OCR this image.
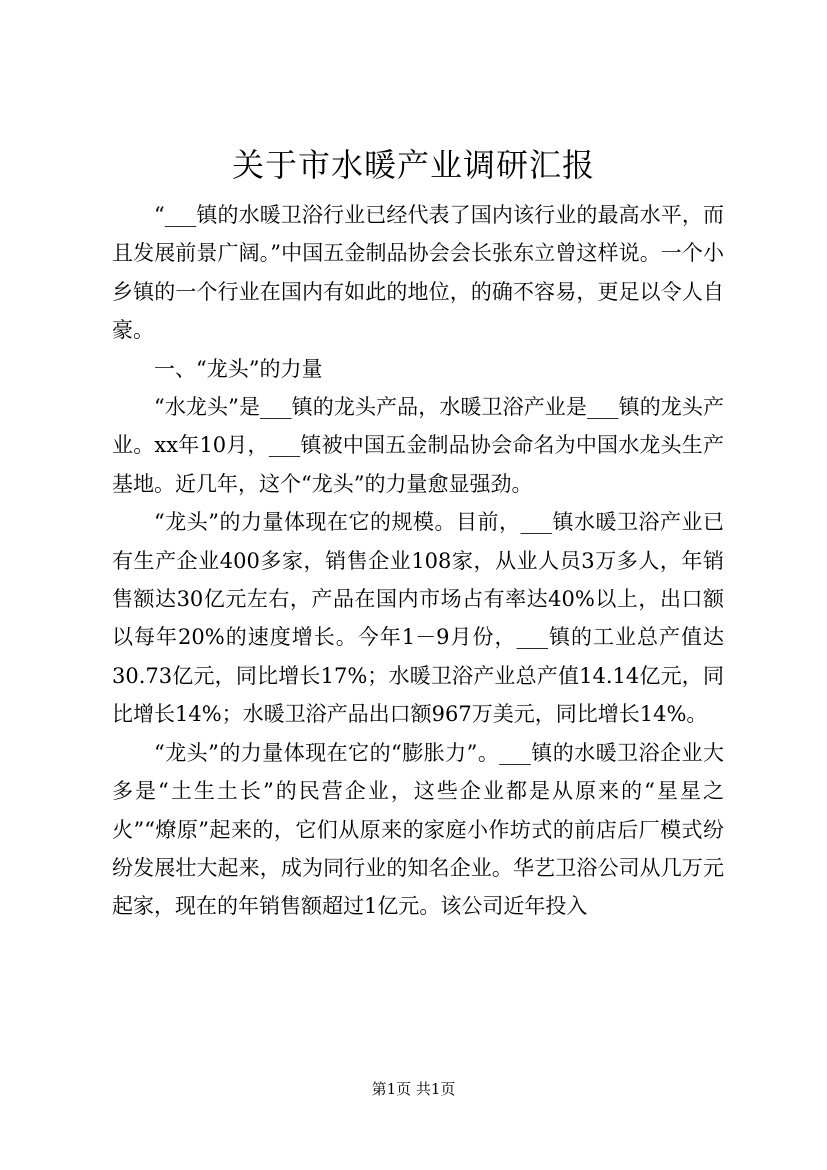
关于市水暖产业调研汇报

“___镇的水暖卫浴行业已经代表了国内该行业的最高水平，而且发展前景广阔。”中国五金制品协会会长张东立曾这样说。一个小乡镇的一个行业在国内有如此的地位，的确不容易，更足以令人自豪。

一、“龙头”的力量

“水龙头”是___镇的龙头产品，水暖卫浴产业是___镇的龙头产业。xx年10月，___镇被中国五金制品协会命名为中国水龙头生产基地。近几年，这个“龙头”的力量愈显强劲。

“龙头”的力量体现在它的规模。目前，___镇水暖卫浴产业已有生产企业400多家，销售企业108家，从业人员3万多人，年销售额达30亿元左右，产品在国内市场占有率达40%以上，出口额以每年20%的速度增长。今年1－9月份，___镇的工业总产值达30.73亿元，同比增长17%；水暖卫浴产业总产值14.14亿元，同比增长14%；水暖卫浴产品出口额967万美元，同比增长14%。

“龙头”的力量体现在它的“膨胀力”。___镇的水暖卫浴企业大多是“土生土长”的民营企业，这些企业都是从原来的“星星之火”“燎原”起来的，它们从原来的家庭小作坊式的前店后厂模式纷纷发展壮大起来，成为同行业的知名企业。华艺卫浴公司从几万元起家，现在的年销售额超过1亿元。该公司近年投入

第1页 共1页
